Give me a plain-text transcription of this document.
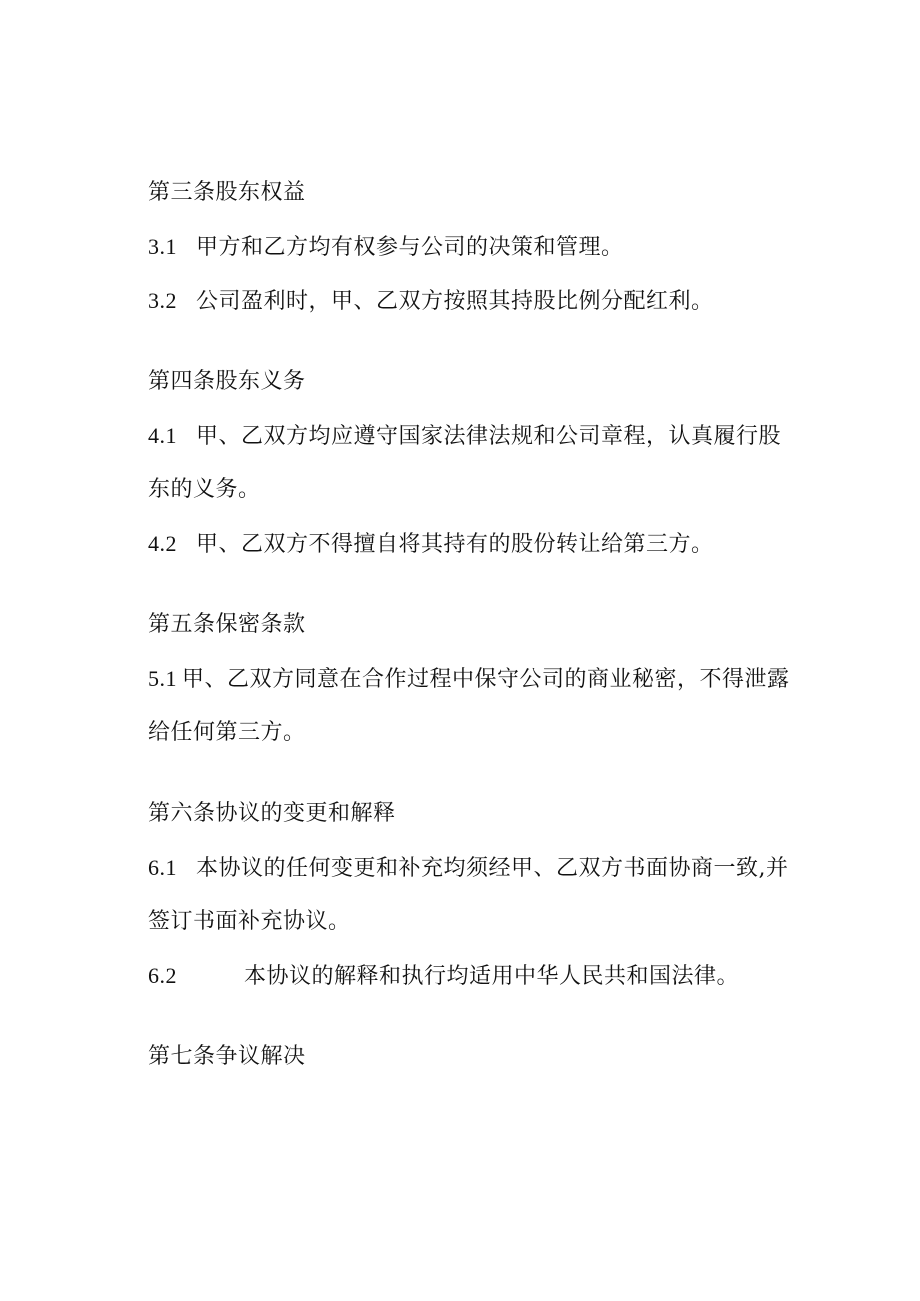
第三条股东权益
3.1 甲方和乙方均有权参与公司的决策和管理。
3.2 公司盈利时，甲、乙双方按照其持股比例分配红利。
第四条股东义务
4.1 甲、乙双方均应遵守国家法律法规和公司章程，认真履行股
东的义务。
4.2 甲、乙双方不得擅自将其持有的股份转让给第三方。
第五条保密条款
5.1 甲、乙双方同意在合作过程中保守公司的商业秘密，不得泄露
给任何第三方。
第六条协议的变更和解释
6.1 本协议的任何变更和补充均须经甲、乙双方书面协商一致,并
签订书面补充协议。
6.2	本协议的解释和执行均适用中华人民共和国法律。
第七条争议解决
